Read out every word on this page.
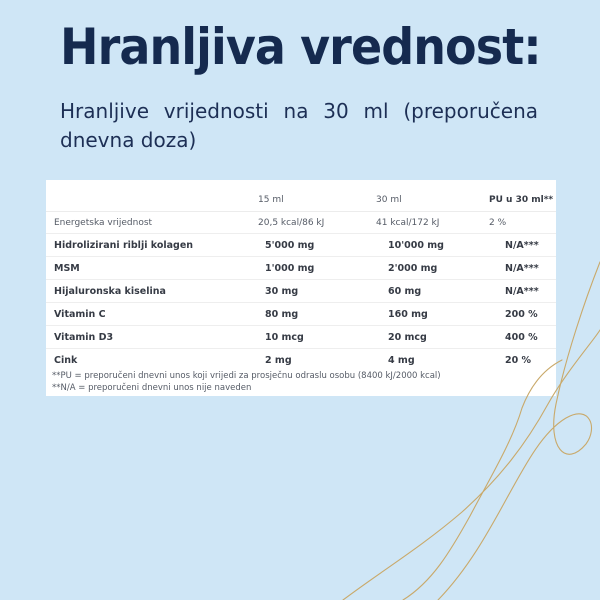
Hranljiva vrednost:

Hranljive vrijednosti na 30 ml (preporučena dnevna doza)

	15 ml	30 ml	PU u 30 ml**
Energetska vrijednost	20,5 kcal/86 kJ	41 kcal/172 kJ	2 %
Hidrolizirani riblji kolagen	5'000 mg	10'000 mg	N/A***
MSM	1'000 mg	2'000 mg	N/A***
Hijaluronska kiselina	30 mg	60 mg	N/A***
Vitamin C	80 mg	160 mg	200 %
Vitamin D3	10 mcg	20 mcg	400 %
Cink	2 mg	4 mg	20 %
**PU = preporučeni dnevni unos koji vrijedi za prosječnu odraslu osobu (8400 kJ/2000 kcal)
**N/A = preporučeni dnevni unos nije naveden
